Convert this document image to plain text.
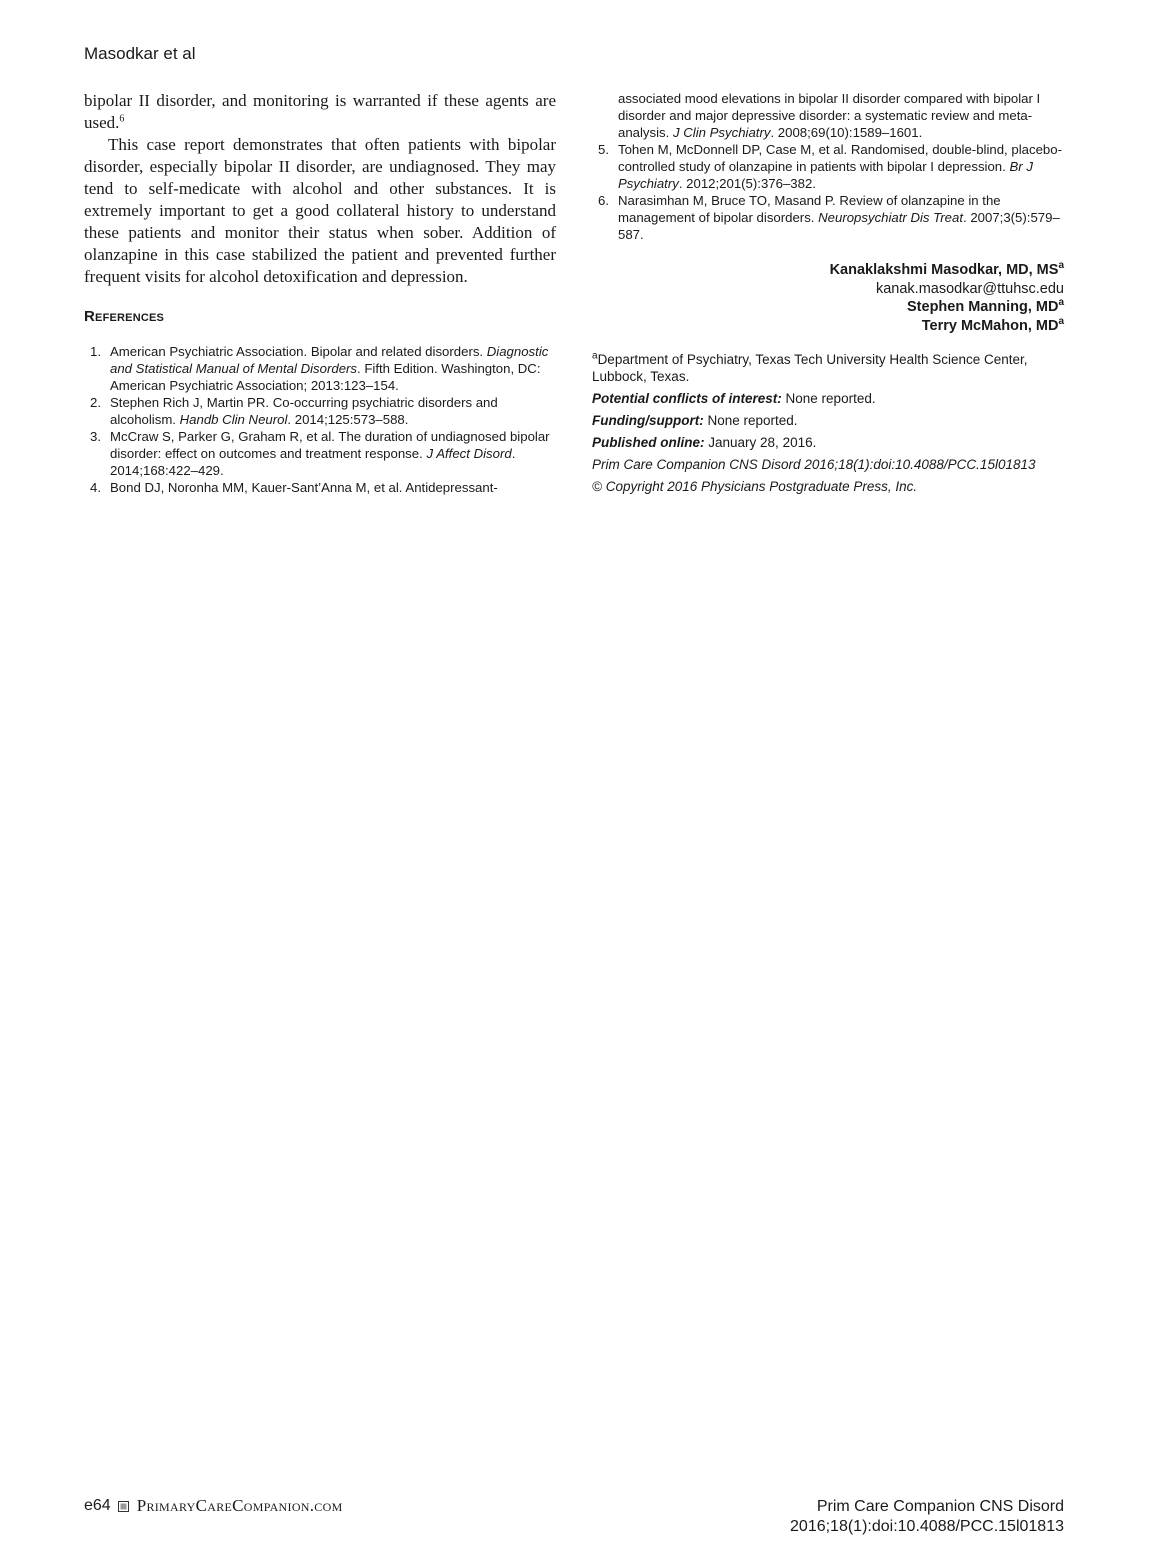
Masodkar et al

bipolar II disorder, and monitoring is warranted if these agents are used.$^6$

This case report demonstrates that often patients with bipolar disorder, especially bipolar II disorder, are undiagnosed. They may tend to self-medicate with alcohol and other substances. It is extremely important to get a good collateral history to understand these patients and monitor their status when sober. Addition of olanzapine in this case stabilized the patient and prevented further frequent visits for alcohol detoxification and depression.

References
1. American Psychiatric Association. Bipolar and related disorders. Diagnostic and Statistical Manual of Mental Disorders. Fifth Edition. Washington, DC: American Psychiatric Association; 2013:123–154.
2. Stephen Rich J, Martin PR. Co-occurring psychiatric disorders and alcoholism. Handb Clin Neurol. 2014;125:573–588.
3. McCraw S, Parker G, Graham R, et al. The duration of undiagnosed bipolar disorder: effect on outcomes and treatment response. J Affect Disord. 2014;168:422–429.
4. Bond DJ, Noronha MM, Kauer-Sant’Anna M, et al. Antidepressant-
associated mood elevations in bipolar II disorder compared with bipolar I disorder and major depressive disorder: a systematic review and meta-analysis. J Clin Psychiatry. 2008;69(10):1589–1601.
5. Tohen M, McDonnell DP, Case M, et al. Randomised, double-blind, placebo-controlled study of olanzapine in patients with bipolar I depression. Br J Psychiatry. 2012;201(5):376–382.
6. Narasimhan M, Bruce TO, Masand P. Review of olanzapine in the management of bipolar disorders. Neuropsychiatr Dis Treat. 2007;3(5):579–587.
Kanaklakshmi Masodkar, MD, $MS^a$
kanak.masodkar@ttuhsc.edu
Stephen Manning, $MD^a$
Terry McMahon, $MD^a$
$^a$Department of Psychiatry, Texas Tech University Health Science Center, Lubbock, Texas.
Potential conflicts of interest: None reported.
Funding/support: None reported.
Published online: January 28, 2016.
Prim Care Companion CNS Disord 2016;18(1):doi:10.4088/PCC.15l01813
© Copyright 2016 Physicians Postgraduate Press, Inc.
e64 PrimaryCareCompanion.com	Prim Care Companion CNS Disord
2016;18(1):doi:10.4088/PCC.15l01813
